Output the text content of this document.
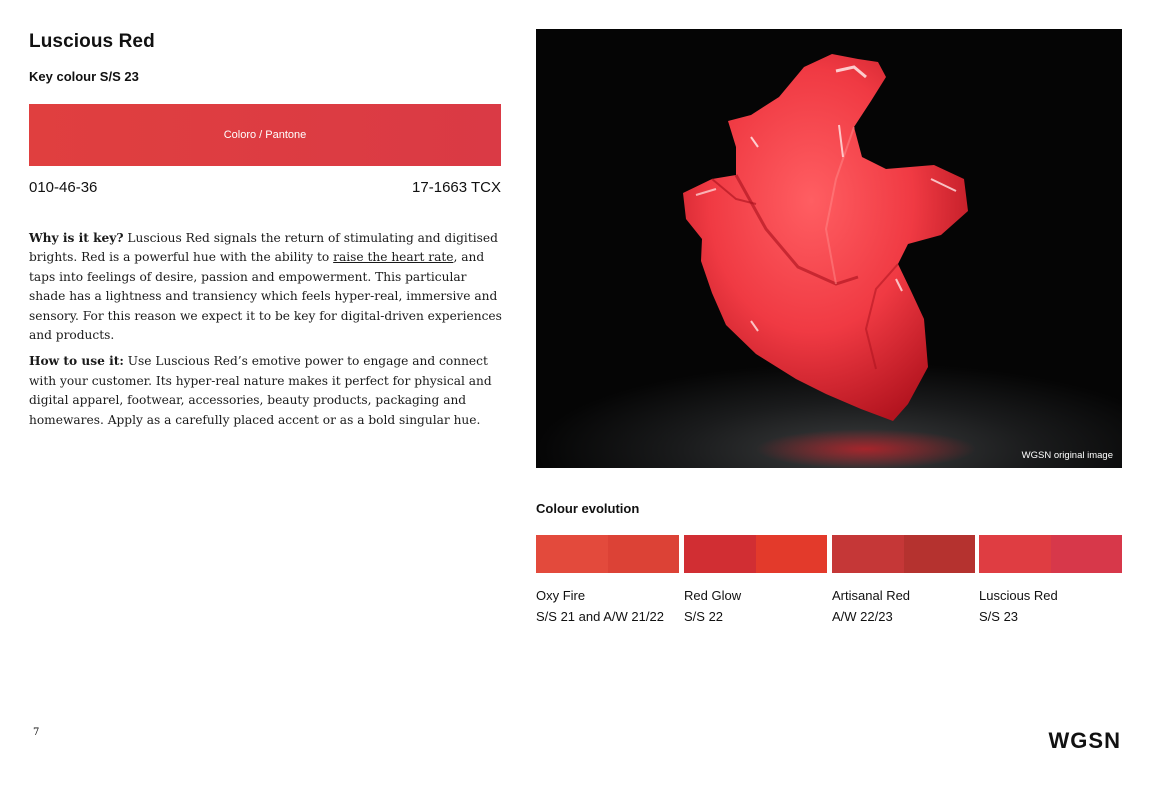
Luscious Red
Key colour S/S 23
Coloro / Pantone
010-46-36	17-1663 TCX

Why is it key? Luscious Red signals the return of stimulating and digitised brights. Red is a powerful hue with the ability to raise the heart rate, and taps into feelings of desire, passion and empowerment. This particular shade has a lightness and transiency which feels hyper-real, immersive and sensory. For this reason we expect it to be key for digital-driven experiences and products.

How to use it: Use Luscious Red’s emotive power to engage and connect with your customer. Its hyper-real nature makes it perfect for physical and digital apparel, footwear, accessories, beauty products, packaging and homewares. Apply as a carefully placed accent or as a bold singular hue.

WGSN original image
Colour evolution
Oxy Fire
S/S 21 and A/W 21/22
Red Glow
S/S 22
Artisanal Red
A/W 22/23
Luscious Red
S/S 23
7	WGSN
